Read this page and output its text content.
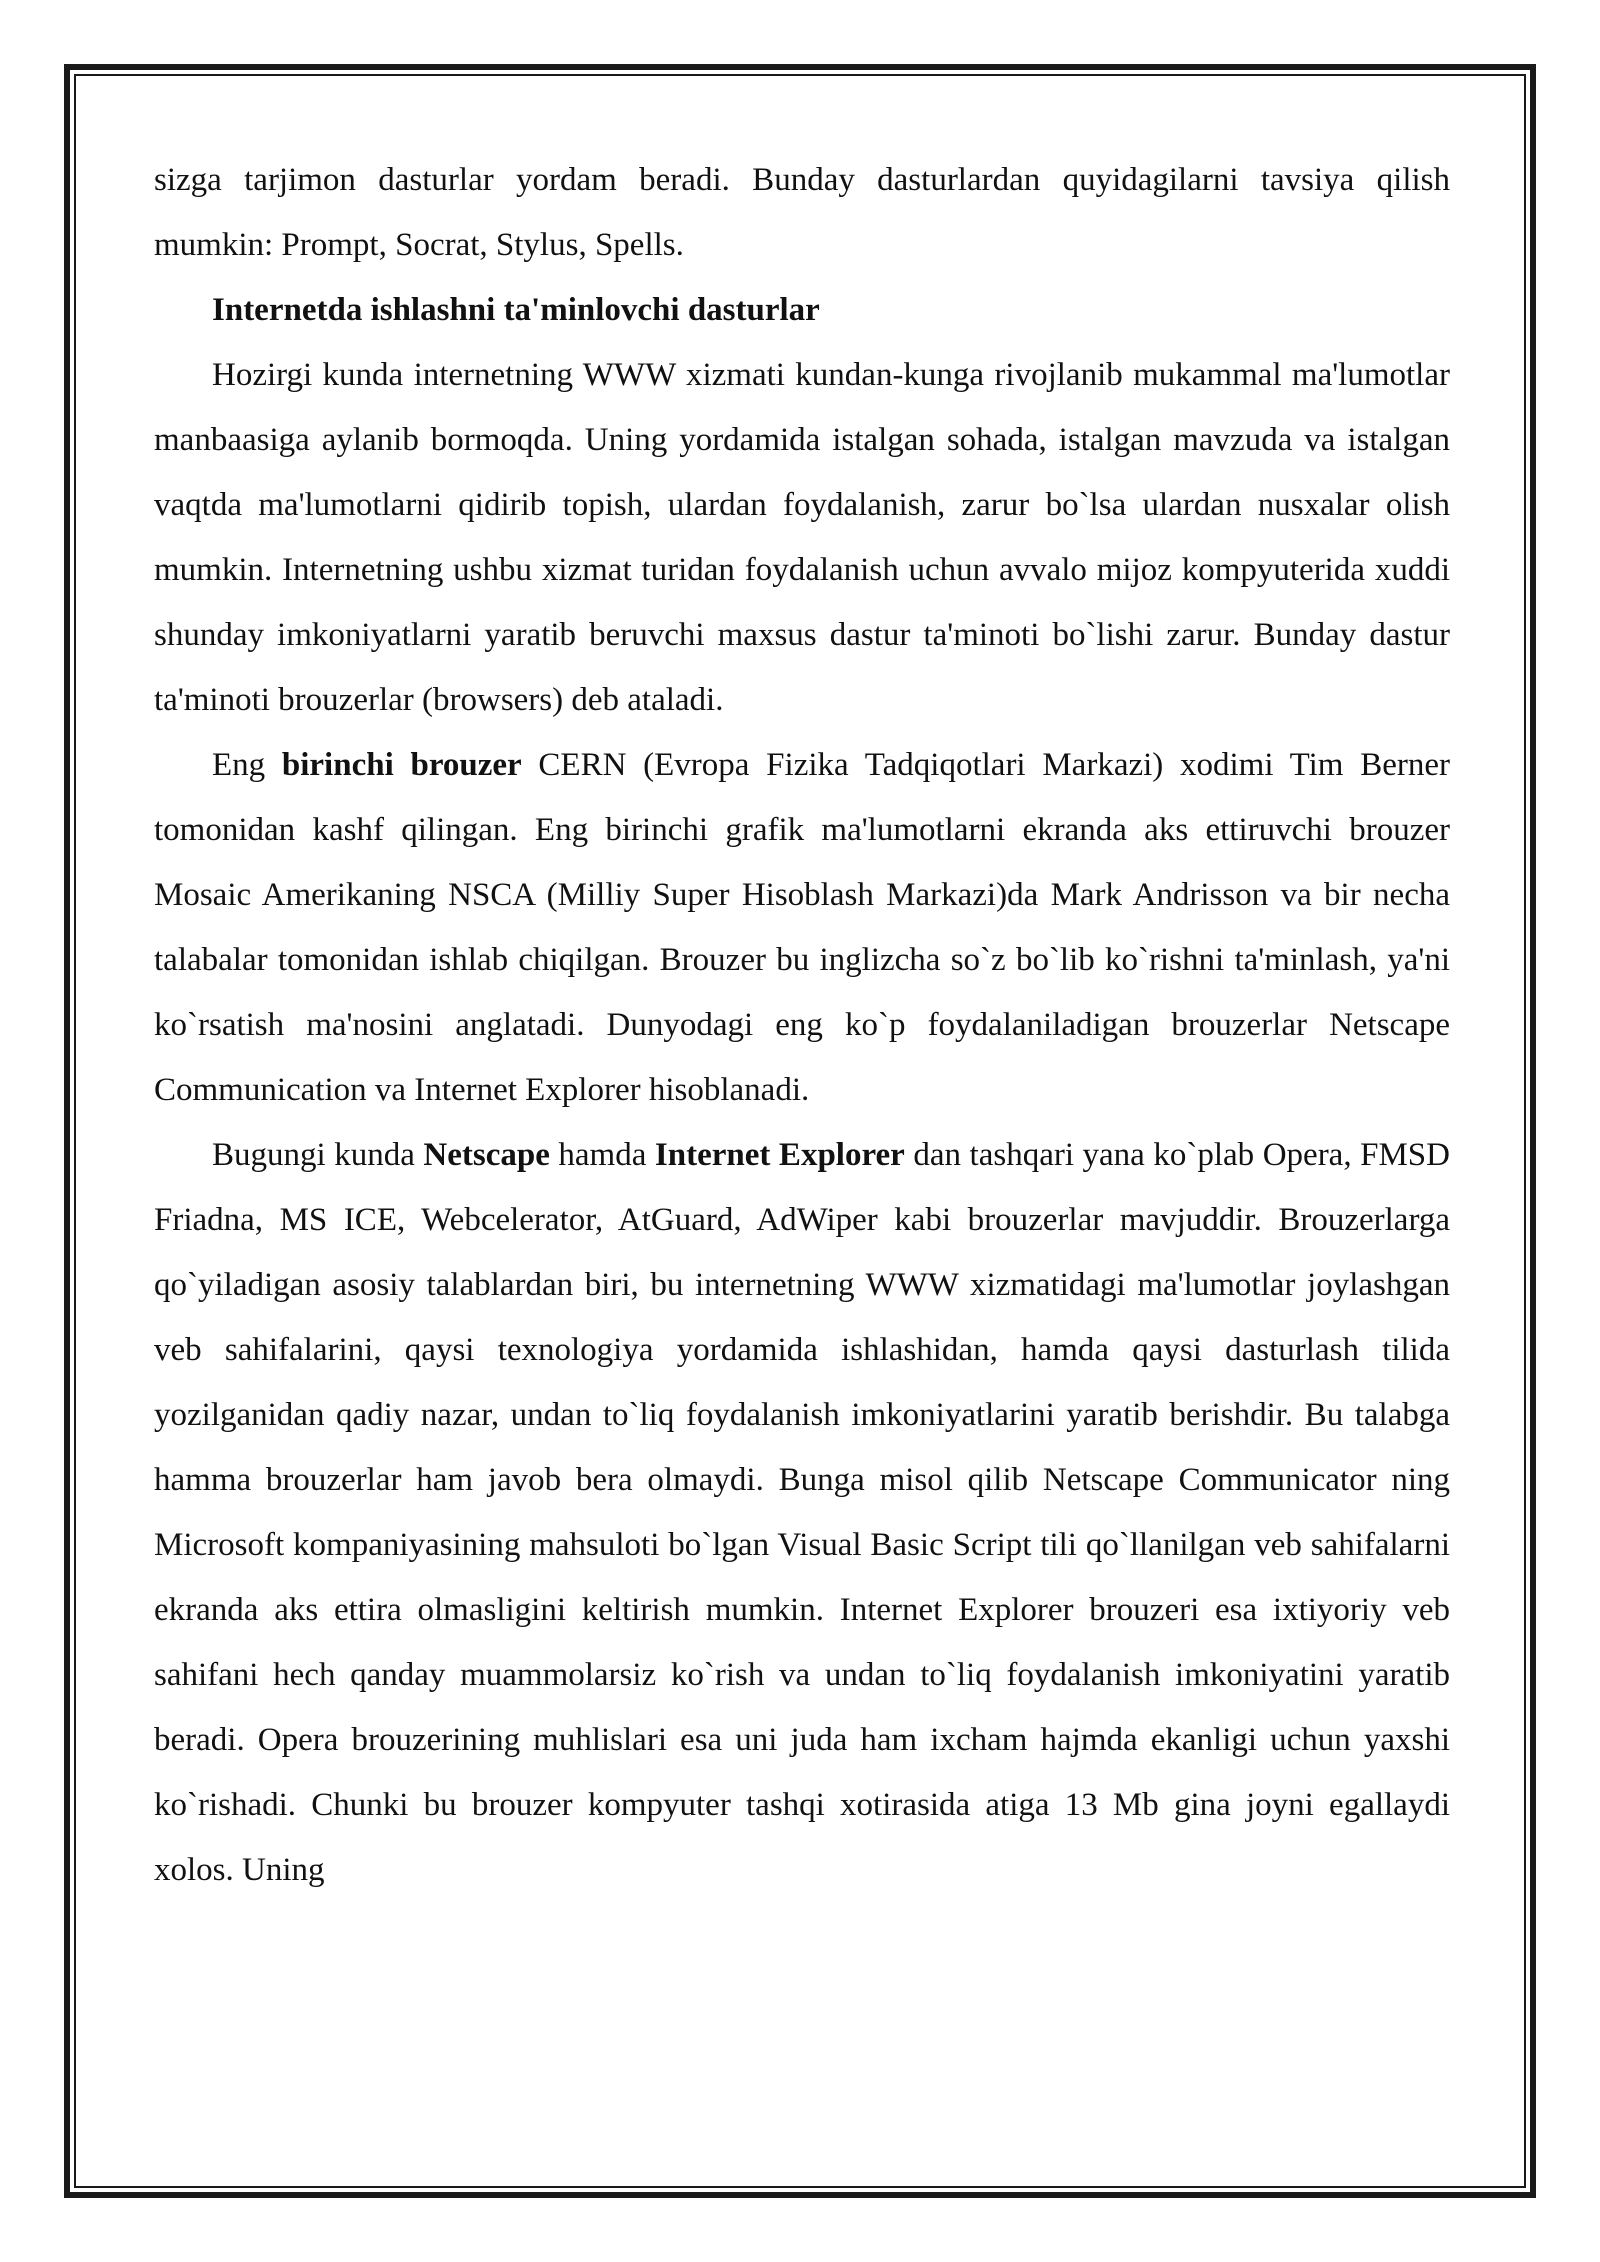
sizga tarjimon dasturlar yordam beradi. Bunday dasturlardan quyidagilarni tavsiya qilish mumkin: Prompt, Socrat, Stylus, Spells.

Internetda ishlashni ta'minlovchi dasturlar

Hozirgi kunda internetning WWW xizmati kundan-kunga rivojlanib mukammal ma'lumotlar manbaasiga aylanib bormoqda. Uning yordamida istalgan sohada, istalgan mavzuda va istalgan vaqtda ma'lumotlarni qidirib topish, ulardan foydalanish, zarur bo`lsa ulardan nusxalar olish mumkin. Internetning ushbu xizmat turidan foydalanish uchun avvalo mijoz kompyuterida xuddi shunday imkoniyatlarni yaratib beruvchi maxsus dastur ta'minoti bo`lishi zarur. Bunday dastur ta'minoti brouzerlar (browsers) deb ataladi.

Eng birinchi brouzer CERN (Evropa Fizika Tadqiqotlari Markazi) xodimi Tim Berner tomonidan kashf qilingan. Eng birinchi grafik ma'lumotlarni ekranda aks ettiruvchi brouzer Mosaic Amerikaning NSCA (Milliy Super Hisoblash Markazi)da Mark Andrisson va bir necha talabalar tomonidan ishlab chiqilgan. Brouzer bu inglizcha so`z bo`lib ko`rishni ta'minlash, ya'ni ko`rsatish ma'nosini anglatadi. Dunyodagi eng ko`p foydalaniladigan brouzerlar Netscape Communication va Internet Explorer hisoblanadi.

Bugungi kunda Netscape hamda Internet Explorer dan tashqari yana ko`plab Opera, FMSD Friadna, MS ICE, Webcelerator, AtGuard, AdWiper kabi brouzerlar mavjuddir. Brouzerlarga qo`yiladigan asosiy talablardan biri, bu internetning WWW xizmatidagi ma'lumotlar joylashgan veb sahifalarini, qaysi texnologiya yordamida ishlashidan, hamda qaysi dasturlash tilida yozilganidan qadiy nazar, undan to`liq foydalanish imkoniyatlarini yaratib berishdir. Bu talabga hamma brouzerlar ham javob bera olmaydi. Bunga misol qilib Netscape Communicator ning Microsoft kompaniyasining mahsuloti bo`lgan Visual Basic Script tili qo`llanilgan veb sahifalarni ekranda aks ettira olmasligini keltirish mumkin. Internet Explorer brouzeri esa ixtiyoriy veb sahifani hech qanday muammolarsiz ko`rish va undan to`liq foydalanish imkoniyatini yaratib beradi. Opera brouzerining muhlislari esa uni juda ham ixcham hajmda ekanligi uchun yaxshi ko`rishadi. Chunki bu brouzer kompyuter tashqi xotirasida atiga 13 Mb gina joyni egallaydi xolos. Uning
